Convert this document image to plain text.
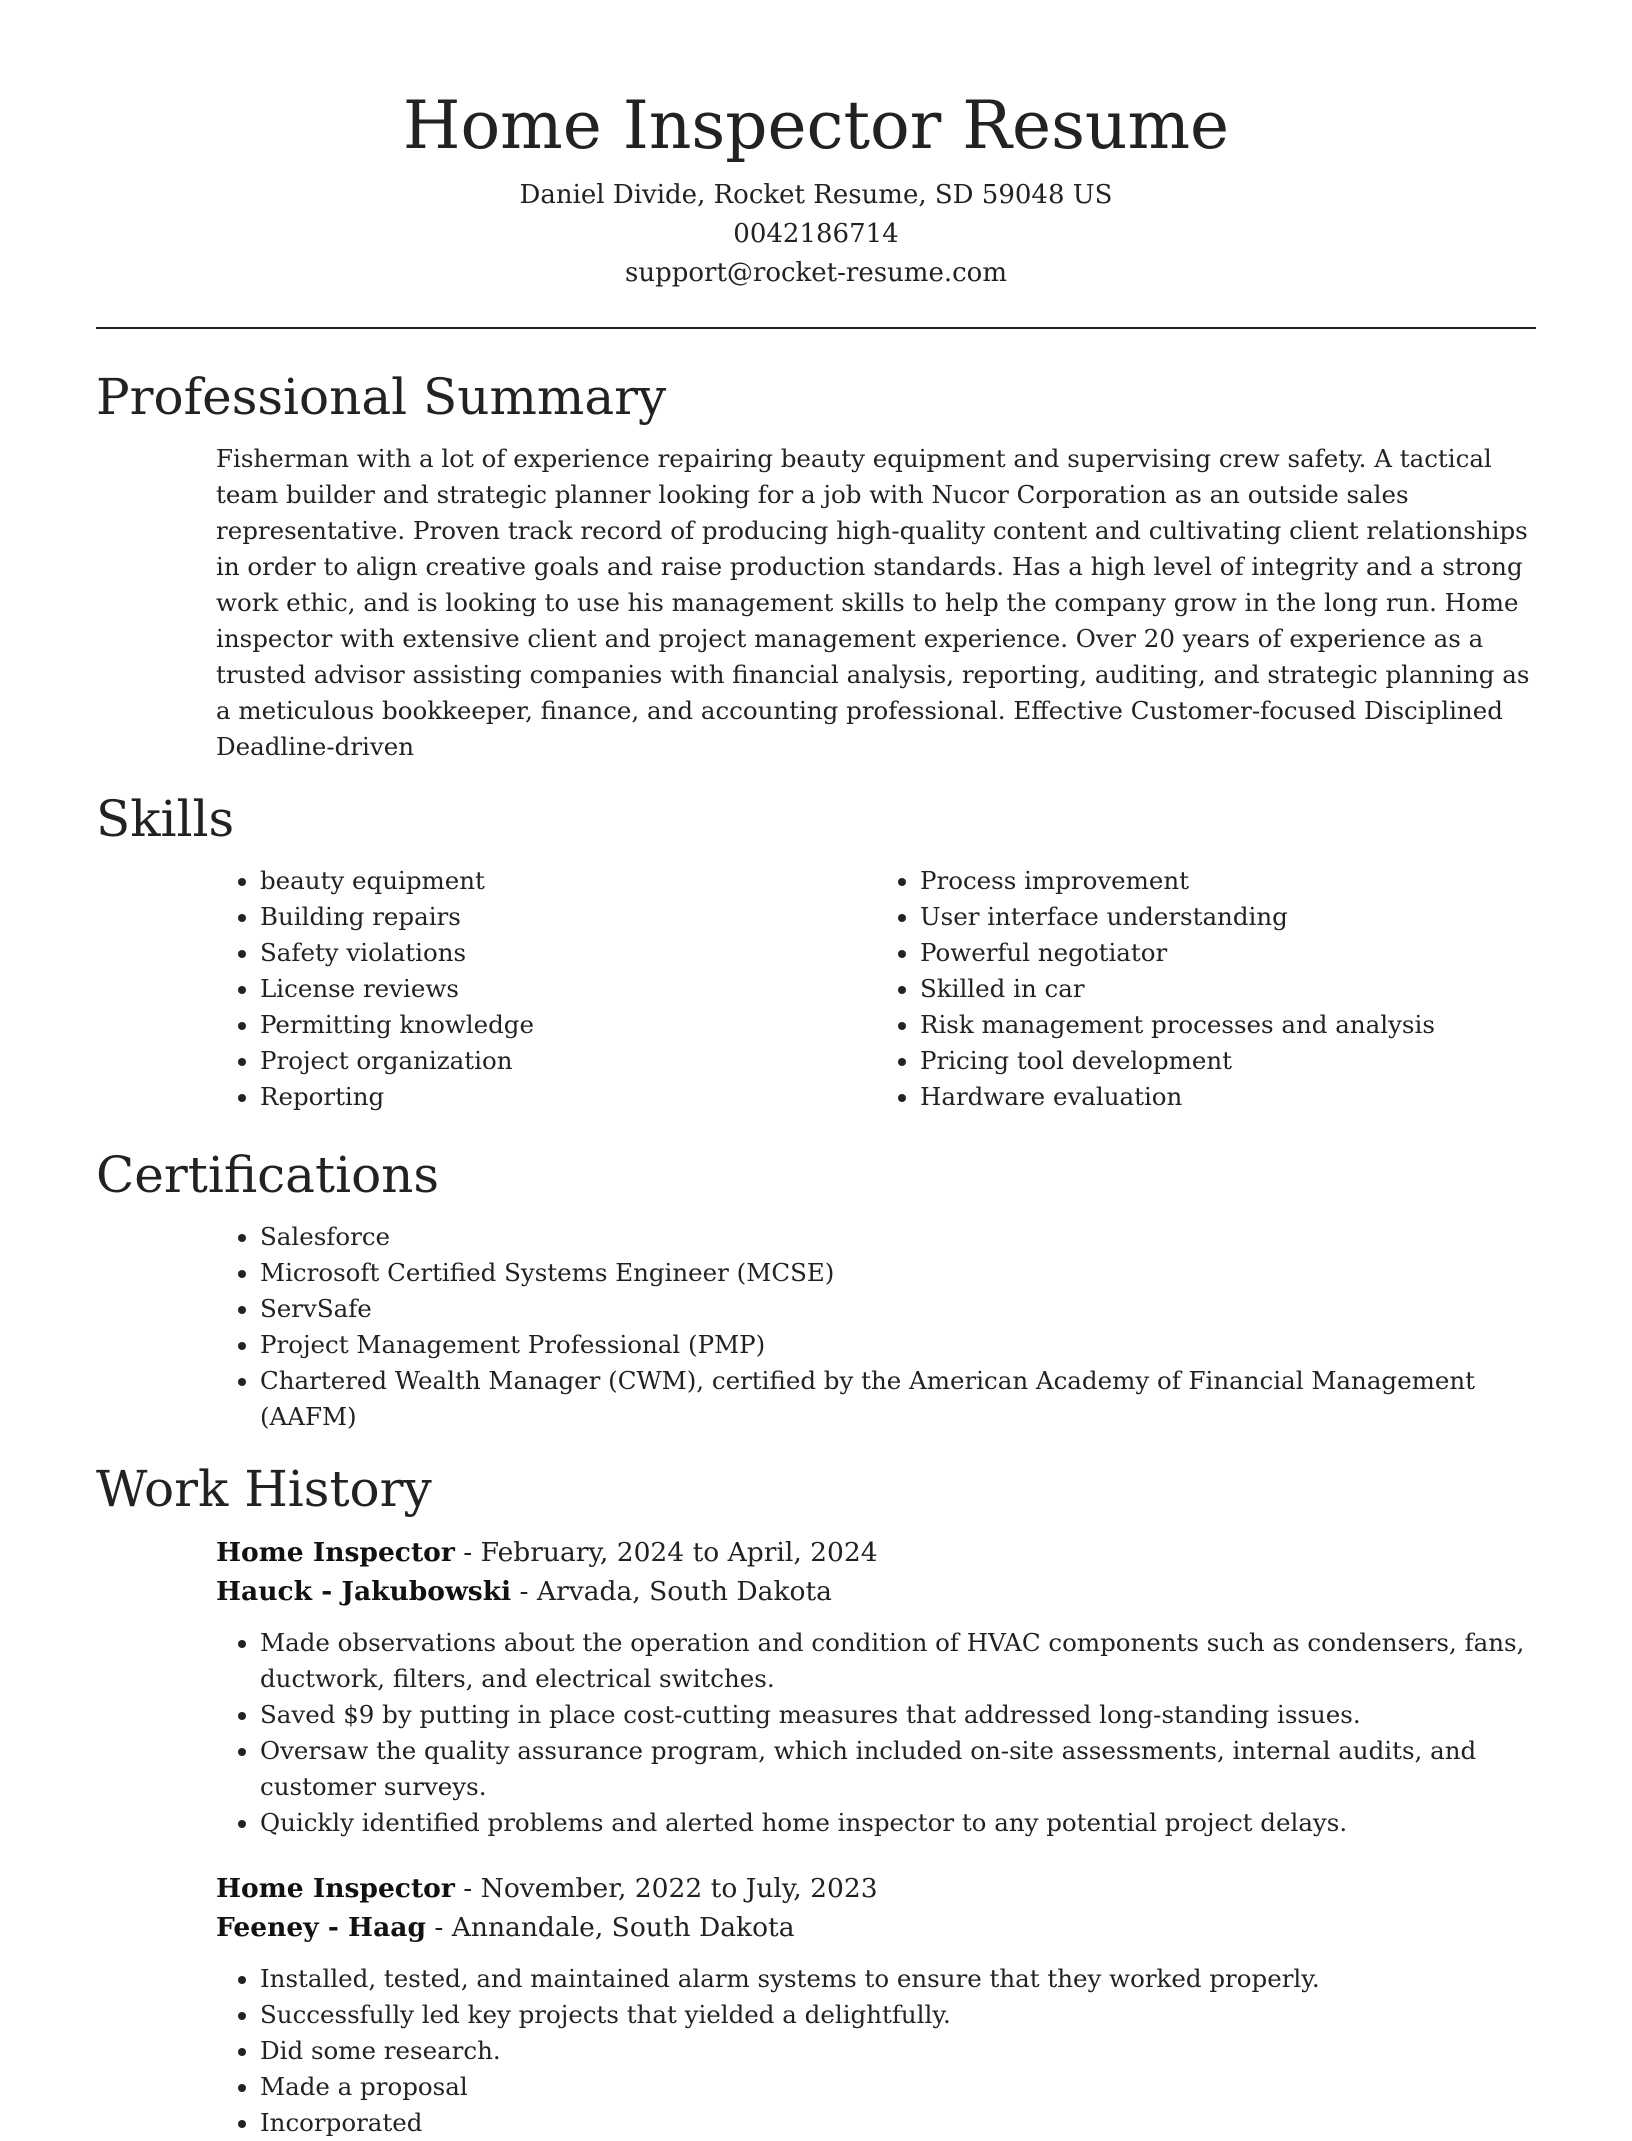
Home Inspector Resume
Daniel Divide, Rocket Resume, SD 59048 US
0042186714
support@rocket-resume.com
Professional Summary

Fisherman with a lot of experience repairing beauty equipment and supervising crew safety. A tactical team builder and strategic planner looking for a job with Nucor Corporation as an outside sales representative. Proven track record of producing high-quality content and cultivating client relationships in order to align creative goals and raise production standards. Has a high level of integrity and a strong work ethic, and is looking to use his management skills to help the company grow in the long run. Home inspector with extensive client and project management experience. Over 20 years of experience as a trusted advisor assisting companies with financial analysis, reporting, auditing, and strategic planning as a meticulous bookkeeper, finance, and accounting professional. Effective Customer-focused Disciplined Deadline-driven

Skills
• beauty equipment
• Building repairs
• Safety violations
• License reviews
• Permitting knowledge
• Project organization
• Reporting
• Process improvement
• User interface understanding
• Powerful negotiator
• Skilled in car
• Risk management processes and analysis
• Pricing tool development
• Hardware evaluation
Certifications
• Salesforce
• Microsoft Certified Systems Engineer (MCSE)
• ServSafe
• Project Management Professional (PMP)
• Chartered Wealth Manager (CWM), certified by the American Academy of Financial Management (AAFM)
Work History
Home Inspector - February, 2024 to April, 2024
Hauck - Jakubowski - Arvada, South Dakota
• Made observations about the operation and condition of HVAC components such as condensers, fans, ductwork, filters, and electrical switches.
• Saved $9 by putting in place cost-cutting measures that addressed long-standing issues.
• Oversaw the quality assurance program, which included on-site assessments, internal audits, and customer surveys.
• Quickly identified problems and alerted home inspector to any potential project delays.
Home Inspector - November, 2022 to July, 2023
Feeney - Haag - Annandale, South Dakota
• Installed, tested, and maintained alarm systems to ensure that they worked properly.
• Successfully led key projects that yielded a delightfully.
• Did some research.
• Made a proposal
• Incorporated
